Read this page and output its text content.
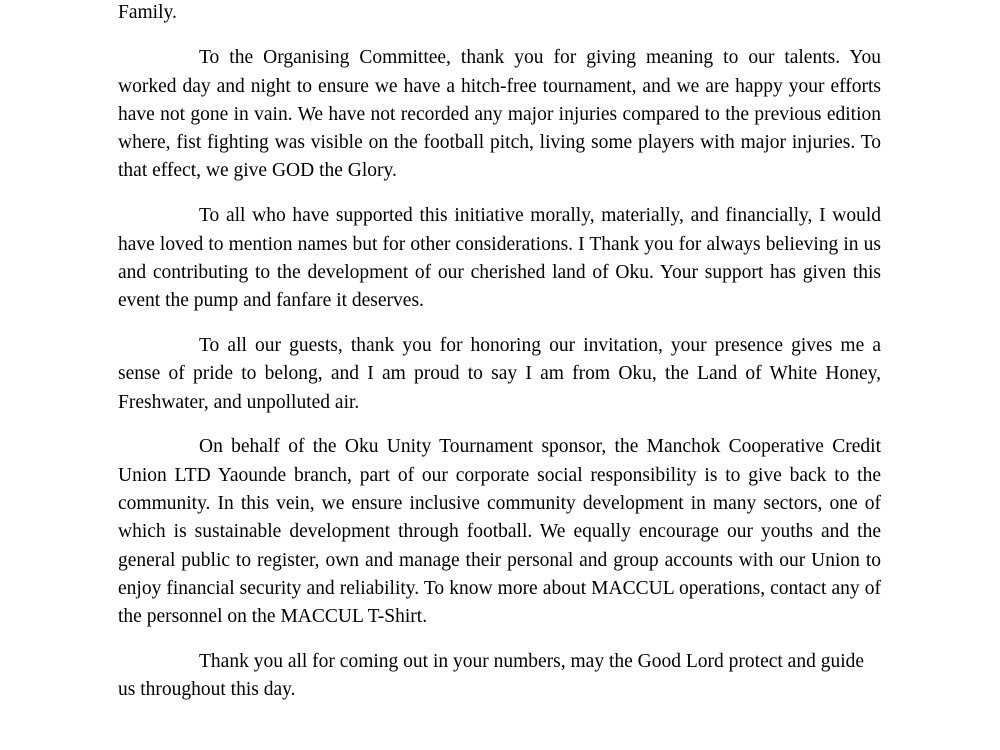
Family.

To the Organising Committee, thank you for giving meaning to our talents. You worked day and night to ensure we have a hitch-free tournament, and we are happy your efforts have not gone in vain. We have not recorded any major injuries compared to the previous edition where, fist fighting was visible on the football pitch, living some players with major injuries. To that effect, we give GOD the Glory.

To all who have supported this initiative morally, materially, and financially, I would have loved to mention names but for other considerations. I Thank you for always believing in us and contributing to the development of our cherished land of Oku. Your support has given this event the pump and fanfare it deserves.

To all our guests, thank you for honoring our invitation, your presence gives me a sense of pride to belong, and I am proud to say I am from Oku, the Land of White Honey, Freshwater, and unpolluted air.

On behalf of the Oku Unity Tournament sponsor, the Manchok Cooperative Credit Union LTD Yaounde branch, part of our corporate social responsibility is to give back to the community. In this vein, we ensure inclusive community development in many sectors, one of which is sustainable development through football. We equally encourage our youths and the general public to register, own and manage their personal and group accounts with our Union to enjoy financial security and reliability. To know more about MACCUL operations, contact any of the personnel on the MACCUL T-Shirt.

Thank you all for coming out in your numbers, may the Good Lord protect and guide us throughout this day.
